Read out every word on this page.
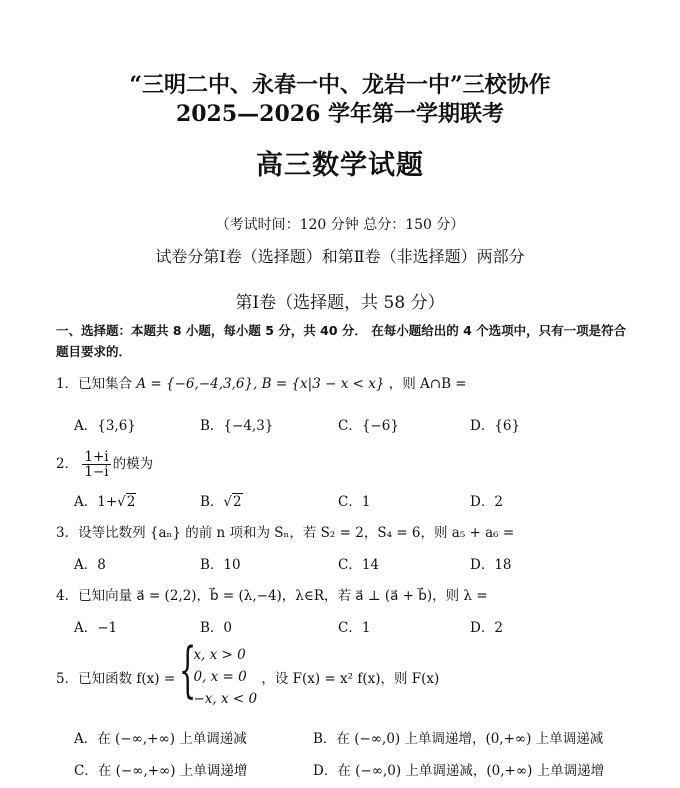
“三明二中、永春一中、龙岩一中”三校协作
2025—2026 学年第一学期联考
高三数学试题
（考试时间：120 分钟 总分：150 分）
试卷分第Ⅰ卷（选择题）和第Ⅱ卷（非选择题）两部分
第Ⅰ卷（选择题，共 58 分）
一、选择题：本题共 8 小题，每小题 5 分，共 40 分． 在每小题给出的 4 个选项中，只有一项是符合题目要求的．
1．已知集合 A = {−6,−4,3,6}, B = {x|3 − x < x} ，则 A∩B =
A．{3,6}	B．{−4,3}	C．{−6}	D．{6}
2． $\frac{1+i}{1-i}$ 的模为
A．1+√2	B．√2	C．1	D．2
3．设等比数列 {aₙ} 的前 n 项和为 Sₙ，若 S₂ = 2，S₄ = 6，则 a₅ + a₆ =
A．8	B．10	C．14	D．18
4．已知向量 a⃗ = (2,2)，b⃗ = (λ,−4)，λ∈R，若 a⃗ ⊥ (a⃗ + b⃗)，则 λ =
A．−1	B．0	C．1	D．2
5．已知函数 f(x) = {
x, x > 0
0, x = 0
−x, x < 0
，设 F(x) = x² f(x)，则 F(x)
A．在 (−∞,+∞) 上单调递减	B．在 (−∞,0) 上单调递增，(0,+∞) 上单调递减
C．在 (−∞,+∞) 上单调递增	D．在 (−∞,0) 上单调递减，(0,+∞) 上单调递增
